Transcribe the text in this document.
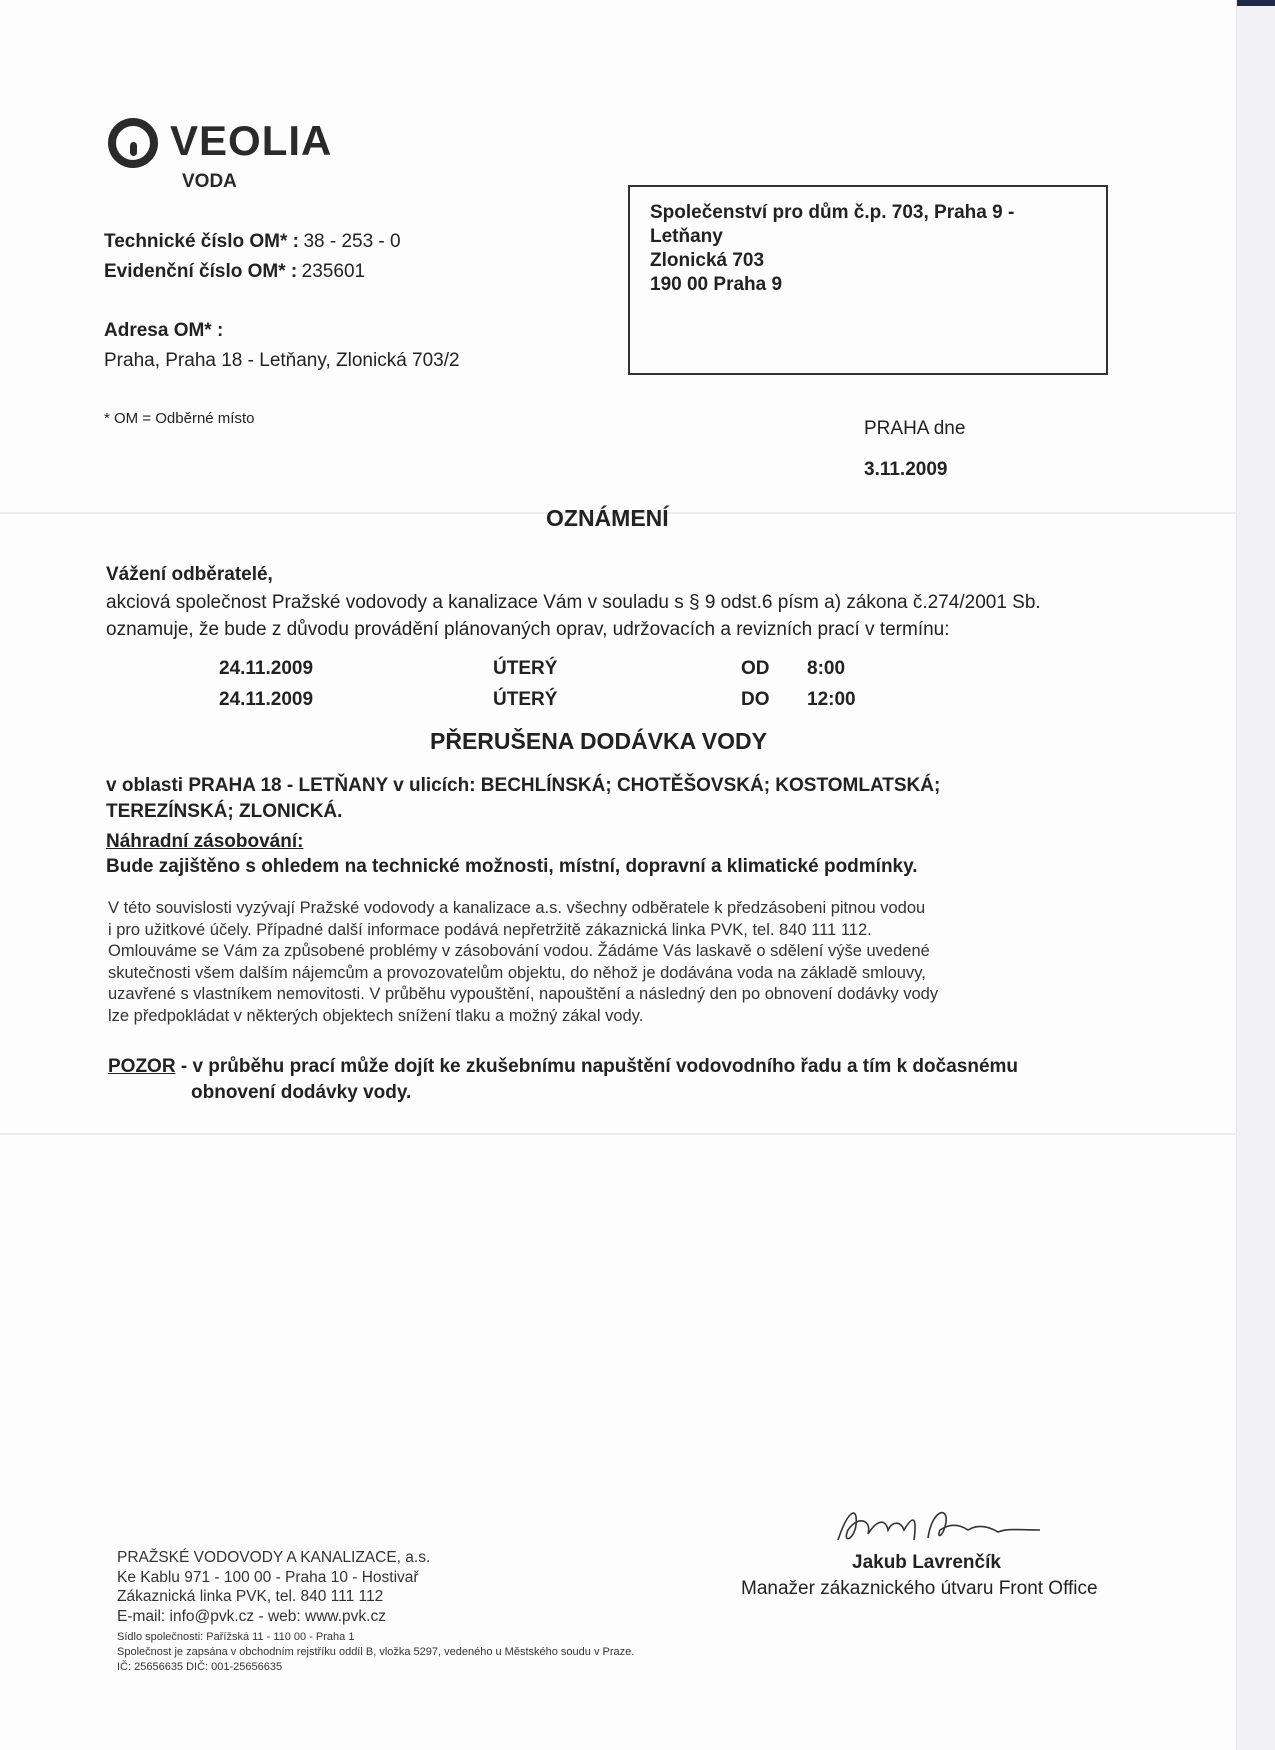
VEOLIA
VODA
Technické číslo OM* : 38 - 253 - 0
Evidenční číslo OM* : 235601
Adresa OM* :
Praha, Praha 18 - Letňany, Zlonická 703/2
* OM = Odběrné místo
Společenství pro dům č.p. 703, Praha 9 -
Letňany
Zlonická 703
190 00 Praha 9
PRAHA dne
3.11.2009
OZNÁMENÍ
Vážení odběratelé,
akciová společnost Pražské vodovody a kanalizace Vám v souladu s § 9 odst.6 písm a) zákona č.274/2001 Sb.
oznamuje, že bude z důvodu provádění plánovaných oprav, udržovacích a revizních prací v termínu:
24.11.2009	ÚTERÝ	OD 8:00
24.11.2009	ÚTERÝ	DO 12:00
PŘERUŠENA DODÁVKA VODY
v oblasti PRAHA 18 - LETŇANY v ulicích: BECHLÍNSKÁ; CHOTĚŠOVSKÁ; KOSTOMLATSKÁ;
TEREZÍNSKÁ; ZLONICKÁ.
Náhradní zásobování:
Bude zajištěno s ohledem na technické možnosti, místní, dopravní a klimatické podmínky.
V této souvislosti vyzývají Pražské vodovody a kanalizace a.s. všechny odběratele k předzásobeni pitnou vodou
i pro užitkové účely. Případné další informace podává nepřetržitě zákaznická linka PVK, tel. 840 111 112.
Omlouváme se Vám za způsobené problémy v zásobování vodou. Žádáme Vás laskavě o sdělení výše uvedené
skutečnosti všem dalším nájemcům a provozovatelům objektu, do něhož je dodávána voda na základě smlouvy,
uzavřené s vlastníkem nemovitosti. V průběhu vypouštění, napouštění a následný den po obnovení dodávky vody
lze předpokládat v některých objektech snížení tlaku a možný zákal vody.
POZOR - v průběhu prací může dojít ke zkušebnímu napuštění vodovodního řadu a tím k dočasnému
obnovení dodávky vody.
Jakub Lavrenčík
Manažer zákaznického útvaru Front Office
PRAŽSKÉ VODOVODY A KANALIZACE, a.s.
Ke Kablu 971 - 100 00 - Praha 10 - Hostivař
Zákaznická linka PVK, tel. 840 111 112
E-mail: info@pvk.cz - web: www.pvk.cz
Sídlo společnosti: Pařížská 11 - 110 00 - Praha 1
Společnost je zapsána v obchodním rejstříku oddíl B, vložka 5297, vedeného u Městského soudu v Praze.
IČ: 25656635 DIČ: 001-25656635
